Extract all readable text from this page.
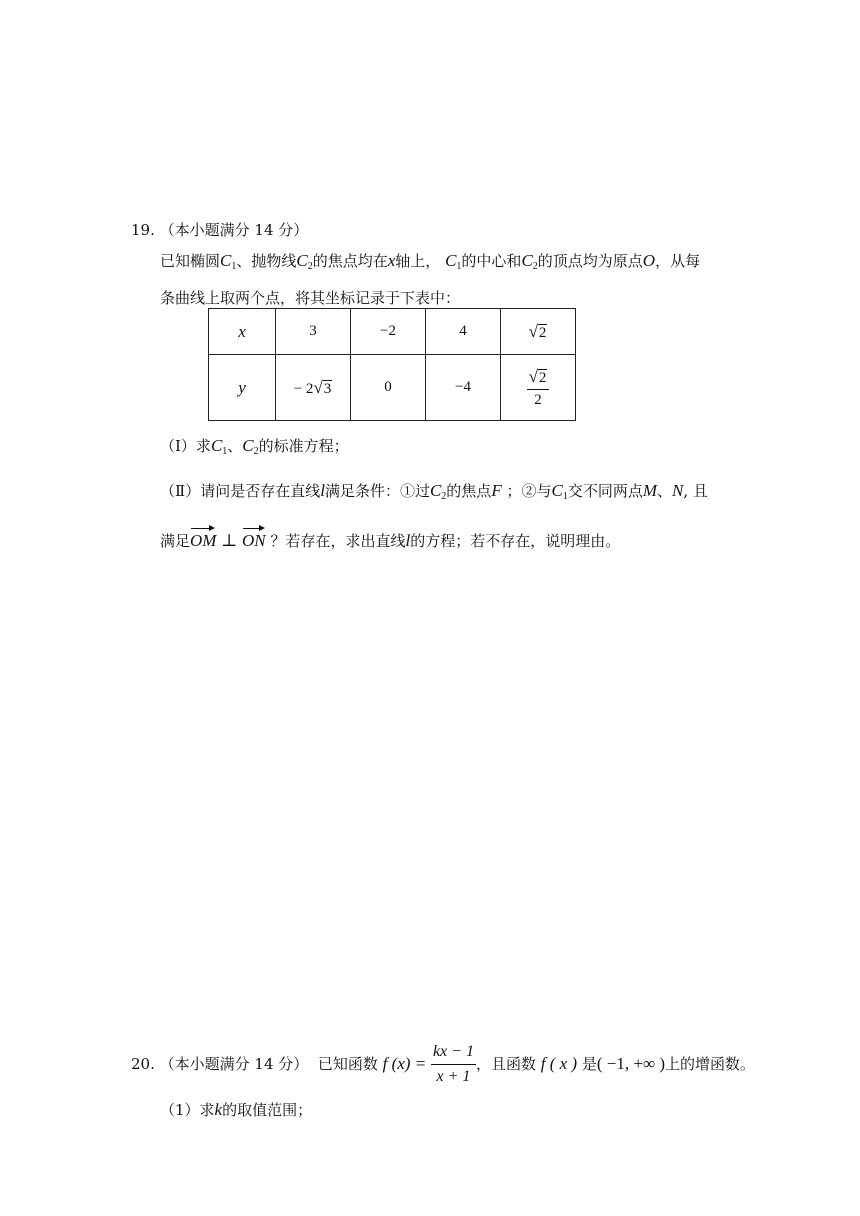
19. （本小题满分 14 分）
已知椭圆$C_1$、抛物线$C_2$的焦点均在x轴上， $C_1$的中心和$C_2$的顶点均为原点O，从每
条曲线上取两个点，将其坐标记录于下表中：
x	3	−2	4	√2
y	− 2√3	0	−4	$\frac{√2}{2}$
（Ⅰ）求$C_1$、$C_2$的标准方程；
（Ⅱ）请问是否存在直线l满足条件：①过$C_2$的焦点F ；②与$C_1$交不同两点M、N, 且
满足OM ⊥ ON ？若存在，求出直线l的方程；若不存在，说明理由。
20.
（本小题满分 14 分）
已知函数
f (x) =
$\frac{kx - 1}{x + 1}$ ，且函数
f ( x )
是 ( −1, +∞ ) 上的增函数。
（1）求k的取值范围；
